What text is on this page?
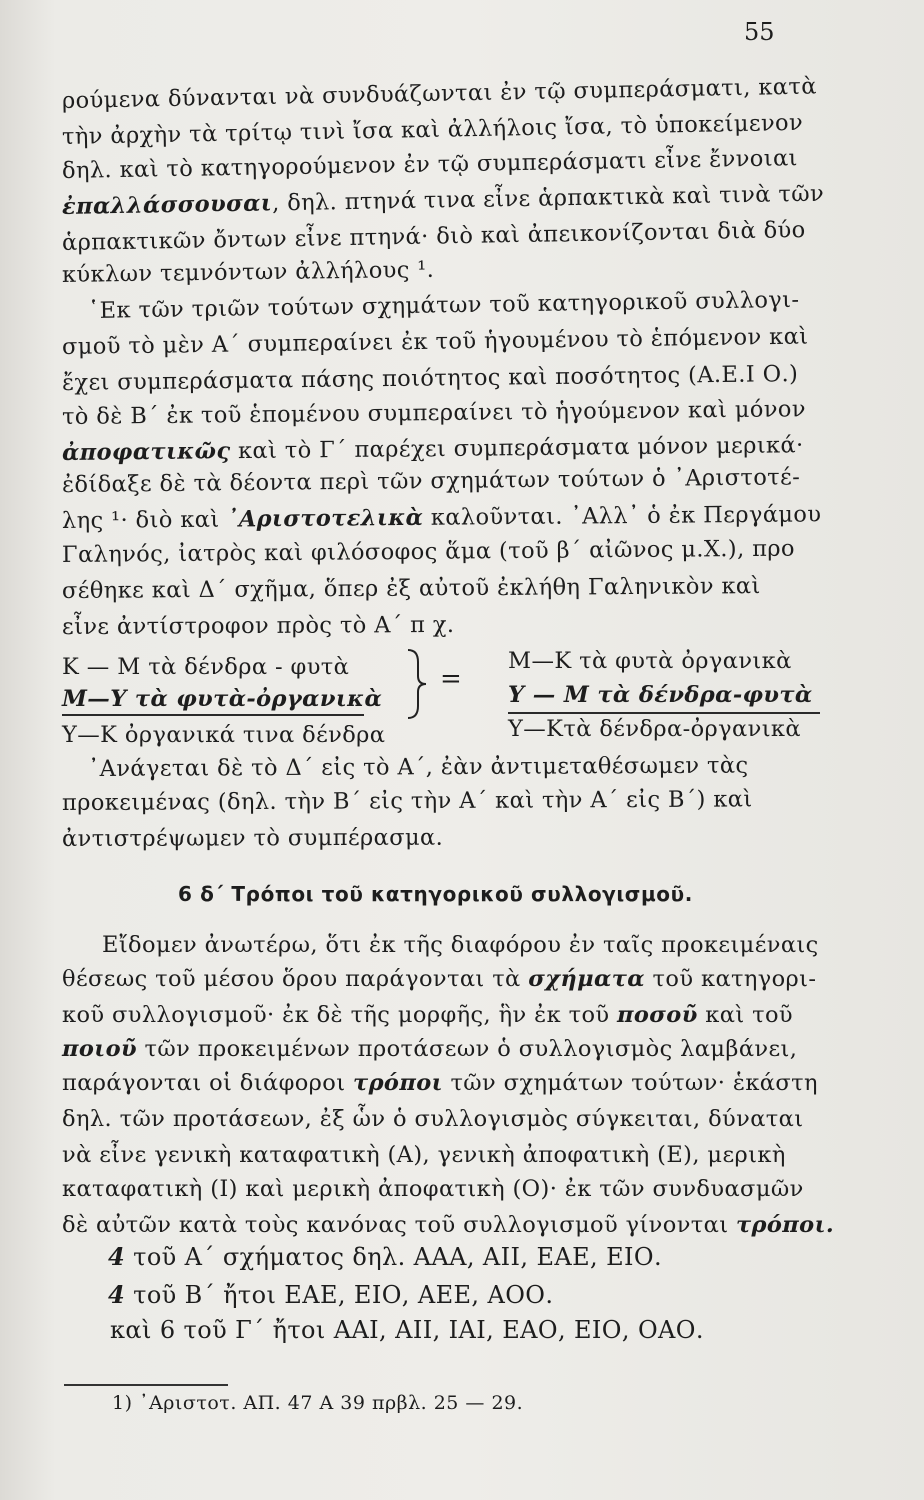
55
ρούμενα δύνανται νὰ συνδυάζωνται ἐν τῷ συμπεράσματι, κατὰ
τὴν ἀρχὴν τὰ τρίτῳ τινὶ ἴσα καὶ ἀλλήλοις ἴσα, τὸ ὑποκείμενον
δηλ. καὶ τὸ κατηγορούμενον ἐν τῷ συμπεράσματι εἶνε ἔννοιαι
ἐπαλλάσσουσαι, δηλ. πτηνά τινα εἶνε ἁρπακτικὰ καὶ τινὰ τῶν
ἁρπακτικῶν ὄντων εἶνε πτηνά· διὸ καὶ ἀπεικονίζονται διὰ δύο
κύκλων τεμνόντων ἀλλήλους ¹.
῾Εκ τῶν τριῶν τούτων σχημάτων τοῦ κατηγορικοῦ συλλογι-
σμοῦ τὸ μὲν Α΄ συμπεραίνει ἐκ τοῦ ἡγουμένου τὸ ἑπόμενον καὶ
ἔχει συμπεράσματα πάσης ποιότητος καὶ ποσότητος (Α.Ε.Ι Ο.)
τὸ δὲ Β΄ ἐκ τοῦ ἑπομένου συμπεραίνει τὸ ἡγούμενον καὶ μόνον
ἀποφατικῶς καὶ τὸ Γ΄ παρέχει συμπεράσματα μόνον μερικά·
ἐδίδαξε δὲ τὰ δέοντα περὶ τῶν σχημάτων τούτων ὁ ᾿Αριστοτέ-
λης ¹· διὸ καὶ ᾿Αριστοτελικὰ καλοῦνται. ᾿Αλλ᾿ ὁ ἐκ Περγάμου
Γαληνός, ἰατρὸς καὶ φιλόσοφος ἅμα (τοῦ β΄ αἰῶνος μ.Χ.), προ
σέθηκε καὶ Δ΄ σχῆμα, ὅπερ ἐξ αὐτοῦ ἐκλήθη Γαληνικὸν καὶ
εἶνε ἀντίστροφον πρὸς τὸ Α΄ π χ.
Κ — Μ τὰ δένδρα - φυτὰ
Μ—Υ τὰ φυτὰ-ὀργανικὰ
Υ—Κ ὀργανικά τινα δένδρα
=
Μ—Κ τὰ φυτὰ ὀργανικὰ
Υ — Μ τὰ δένδρα-φυτὰ
Υ—Κτὰ δένδρα-ὀργανικὰ
᾿Ανάγεται δὲ τὸ Δ΄ εἰς τὸ Α΄, ἐὰν ἀντιμεταθέσωμεν τὰς
προκειμένας (δηλ. τὴν Β΄ εἰς τὴν Α΄ καὶ τὴν Α΄ εἰς Β΄) καὶ
ἀντιστρέψωμεν τὸ συμπέρασμα.
6 δ΄ Τρόποι τοῦ κατηγορικοῦ συλλογισμοῦ.
Εἴδομεν ἀνωτέρω, ὅτι ἐκ τῆς διαφόρου ἐν ταῖς προκειμέναις
θέσεως τοῦ μέσου ὅρου παράγονται τὰ σχήματα τοῦ κατηγορι-
κοῦ συλλογισμοῦ· ἐκ δὲ τῆς μορφῆς, ἣν ἐκ τοῦ ποσοῦ καὶ τοῦ
ποιοῦ τῶν προκειμένων προτάσεων ὁ συλλογισμὸς λαμβάνει,
παράγονται οἱ διάφοροι τρόποι τῶν σχημάτων τούτων· ἑκάστη
δηλ. τῶν προτάσεων, ἐξ ὧν ὁ συλλογισμὸς σύγκειται, δύναται
νὰ εἶνε γενικὴ καταφατικὴ (Α), γενικὴ ἀποφατικὴ (Ε), μερικὴ
καταφατικὴ (Ι) καὶ μερικὴ ἀποφατικὴ (Ο)· ἐκ τῶν συνδυασμῶν
δὲ αὐτῶν κατὰ τοὺς κανόνας τοῦ συλλογισμοῦ γίνονται τρόποι.
4 τοῦ Α΄ σχήματος δηλ. ΑΑΑ, ΑΙΙ, ΕΑΕ, ΕΙΟ.
4 τοῦ Β΄ ἤτοι ΕΑΕ, ΕΙΟ, ΑΕΕ, ΑΟΟ.
καὶ 6 τοῦ Γ΄ ἤτοι ΑΑΙ, ΑΙΙ, ΙΑΙ, ΕΑΟ, ΕΙΟ, ΟΑΟ.
1) ᾿Αριστοτ. ΑΠ. 47 Α 39 πρβλ. 25 — 29.
